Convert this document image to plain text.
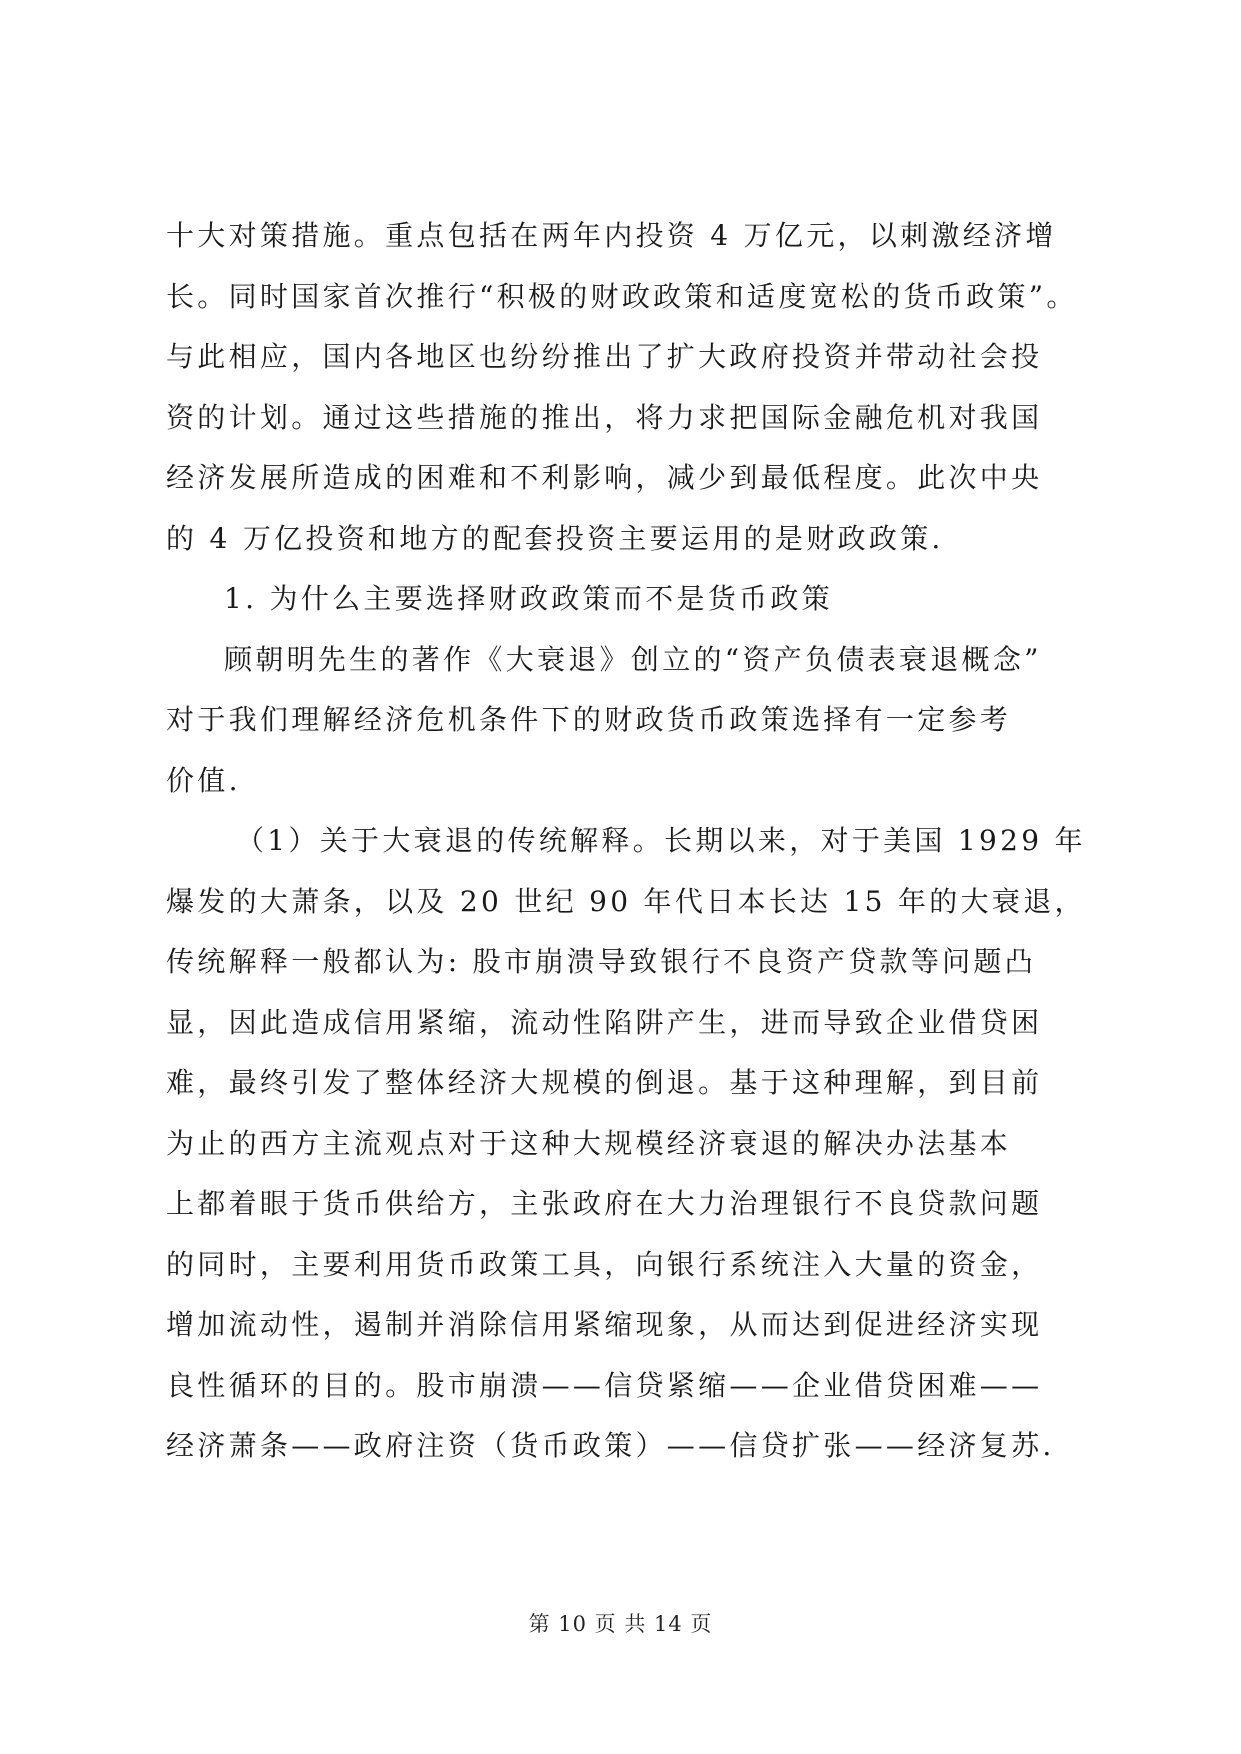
十大对策措施。重点包括在两年内投资 4 万亿元，以刺激经济增
长。同时国家首次推行“积极的财政政策和适度宽松的货币政策”。
与此相应，国内各地区也纷纷推出了扩大政府投资并带动社会投
资的计划。通过这些措施的推出，将力求把国际金融危机对我国
经济发展所造成的困难和不利影响，减少到最低程度。此次中央
的 4 万亿投资和地方的配套投资主要运用的是财政政策.
1. 为什么主要选择财政政策而不是货币政策
顾朝明先生的著作《大衰退》创立的“资产负债表衰退概念”
对于我们理解经济危机条件下的财政货币政策选择有一定参考
价值.
（1）关于大衰退的传统解释。长期以来，对于美国 1929 年
爆发的大萧条，以及 20 世纪 90 年代日本长达 15 年的大衰退，
传统解释一般都认为: 股市崩溃导致银行不良资产贷款等问题凸
显，因此造成信用紧缩，流动性陷阱产生，进而导致企业借贷困
难，最终引发了整体经济大规模的倒退。基于这种理解，到目前
为止的西方主流观点对于这种大规模经济衰退的解决办法基本
上都着眼于货币供给方，主张政府在大力治理银行不良贷款问题
的同时，主要利用货币政策工具，向银行系统注入大量的资金，
增加流动性，遏制并消除信用紧缩现象，从而达到促进经济实现
良性循环的目的。股市崩溃——信贷紧缩——企业借贷困难——
经济萧条——政府注资（货币政策）——信贷扩张——经济复苏.
第 10 页 共 14 页
